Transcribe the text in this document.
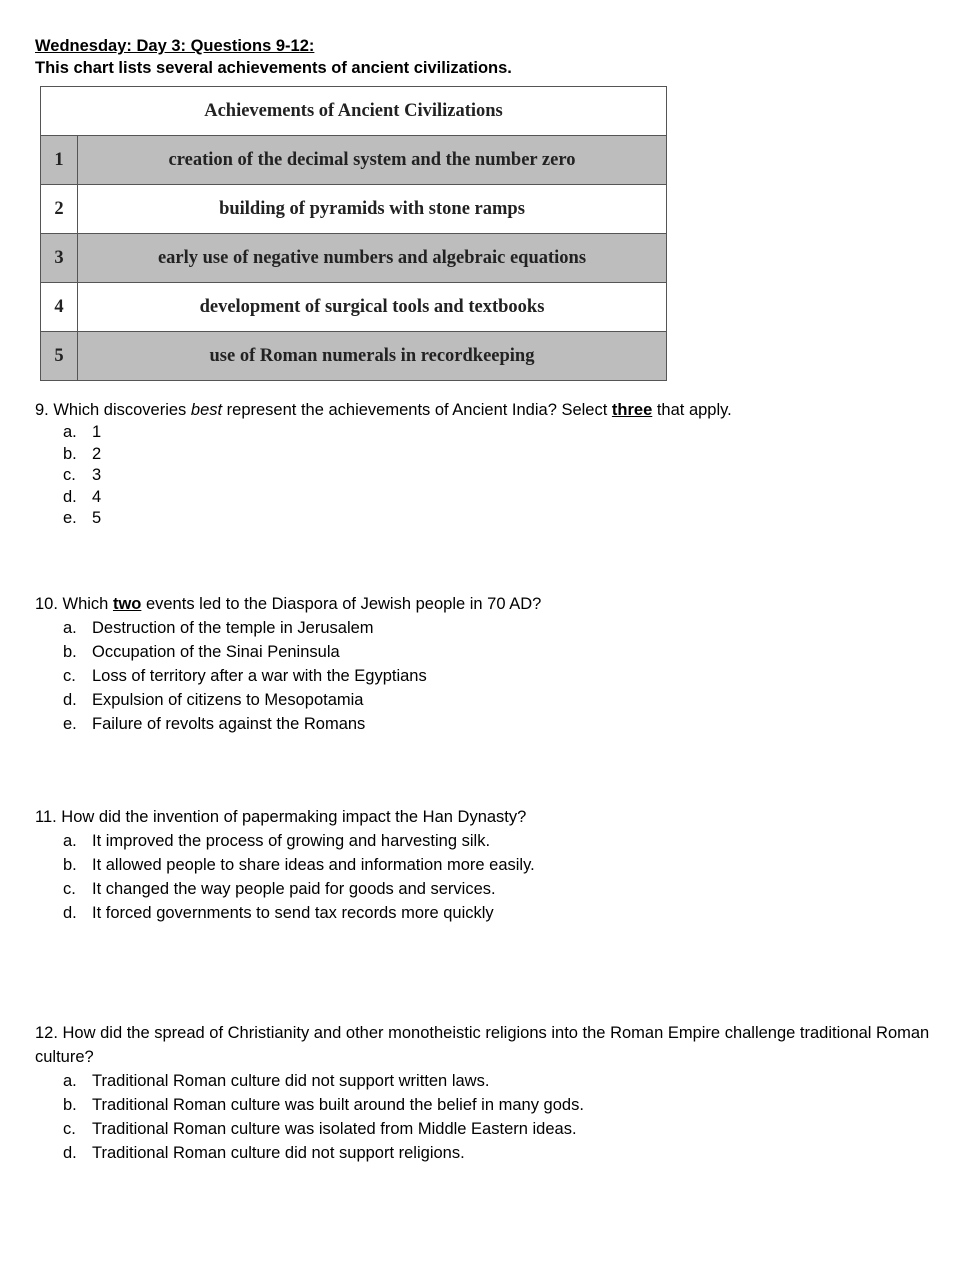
Wednesday: Day 3: Questions 9-12:
This chart lists several achievements of ancient civilizations.
Achievements of Ancient Civilizations	
1	creation of the decimal system and the number zero
2	building of pyramids with stone ramps
3	early use of negative numbers and algebraic equations
4	development of surgical tools and textbooks
5	use of Roman numerals in recordkeeping
9. Which discoveries best represent the achievements of Ancient India? Select three that apply.
a. 1
b. 2
c. 3
d. 4
e. 5
10. Which two events led to the Diaspora of Jewish people in 70 AD?
a. Destruction of the temple in Jerusalem
b. Occupation of the Sinai Peninsula
c. Loss of territory after a war with the Egyptians
d. Expulsion of citizens to Mesopotamia
e. Failure of revolts against the Romans
11. How did the invention of papermaking impact the Han Dynasty?
a. It improved the process of growing and harvesting silk.
b. It allowed people to share ideas and information more easily.
c. It changed the way people paid for goods and services.
d. It forced governments to send tax records more quickly
12. How did the spread of Christianity and other monotheistic religions into the Roman Empire challenge traditional Roman culture?
a. Traditional Roman culture did not support written laws.
b. Traditional Roman culture was built around the belief in many gods.
c. Traditional Roman culture was isolated from Middle Eastern ideas.
d. Traditional Roman culture did not support religions.
